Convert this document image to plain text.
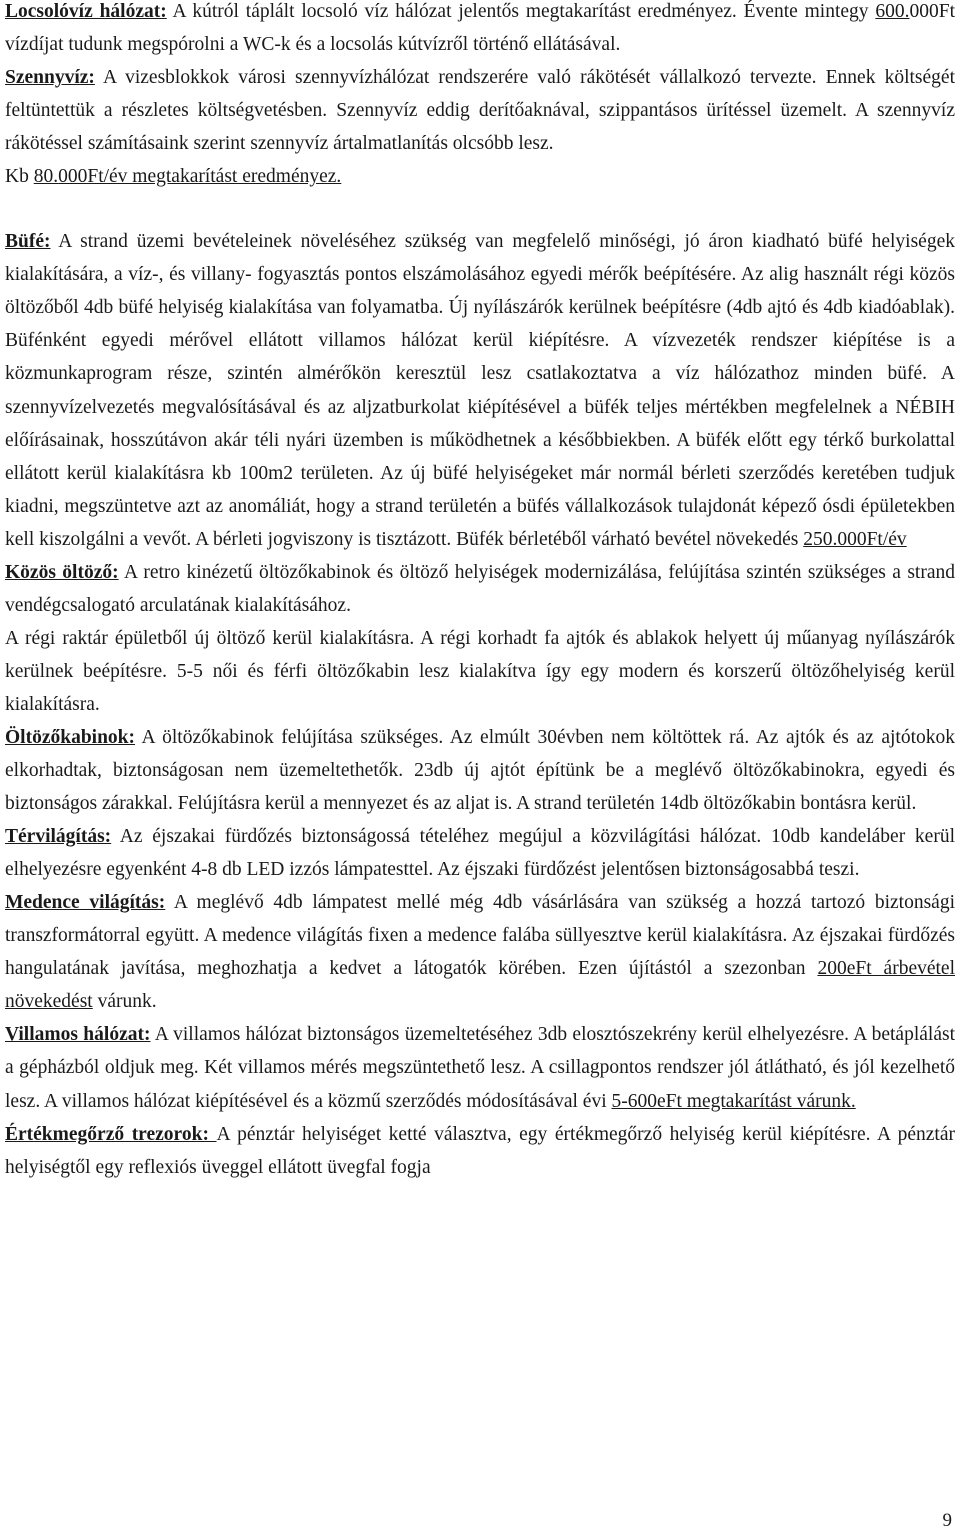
Locsolóvíz hálózat: A kútról táplált locsoló víz hálózat jelentős megtakarítást eredményez. Évente mintegy 600.000Ft vízdíjat tudunk megspórolni a WC-k és a locsolás kútvízről történő ellátásával.

Szennyvíz: A vizesblokkok városi szennyvízhálózat rendszerére való rákötését vállalkozó tervezte. Ennek költségét feltüntettük a részletes költségvetésben. Szennyvíz eddig derítőaknával, szippantásos ürítéssel üzemelt. A szennyvíz rákötéssel számításaink szerint szennyvíz ártalmatlanítás olcsóbb lesz.

Kb 80.000Ft/év megtakarítást eredményez.

Büfé: A strand üzemi bevételeinek növeléséhez szükség van megfelelő minőségi, jó áron kiadható büfé helyiségek kialakítására, a víz-, és villany- fogyasztás pontos elszámolásához egyedi mérők beépítésére. Az alig használt régi közös öltözőből 4db büfé helyiség kialakítása van folyamatba. Új nyílászárók kerülnek beépítésre (4db ajtó és 4db kiadóablak). Büfénként egyedi mérővel ellátott villamos hálózat kerül kiépítésre. A vízvezeték rendszer kiépítése is a közmunkaprogram része, szintén almérőkön keresztül lesz csatlakoztatva a víz hálózathoz minden büfé. A szennyvízelvezetés megvalósításával és az aljzatburkolat kiépítésével a büfék teljes mértékben megfelelnek a NÉBIH előírásainak, hosszútávon akár téli nyári üzemben is működhetnek a későbbiekben. A büfék előtt egy térkő burkolattal ellátott kerül kialakításra kb 100m2 területen. Az új büfé helyiségeket már normál bérleti szerződés keretében tudjuk kiadni, megszüntetve azt az anomáliát, hogy a strand területén a büfés vállalkozások tulajdonát képező ósdi épületekben kell kiszolgálni a vevőt. A bérleti jogviszony is tisztázott. Büfék bérletéből várható bevétel növekedés 250.000Ft/év

Közös öltöző: A retro kinézetű öltözőkabinok és öltöző helyiségek modernizálása, felújítása szintén szükséges a strand vendégcsalogató arculatának kialakításához.

A régi raktár épületből új öltöző kerül kialakításra. A régi korhadt fa ajtók és ablakok helyett új műanyag nyílászárók kerülnek beépítésre. 5-5 női és férfi öltözőkabin lesz kialakítva így egy modern és korszerű öltözőhelyiség kerül kialakításra.

Öltözőkabinok: A öltözőkabinok felújítása szükséges. Az elmúlt 30évben nem költöttek rá. Az ajtók és az ajtótokok elkorhadtak, biztonságosan nem üzemeltethetők. 23db új ajtót építünk be a meglévő öltözőkabinokra, egyedi és biztonságos zárakkal. Felújításra kerül a mennyezet és az aljat is. A strand területén 14db öltözőkabin bontásra kerül.

Térvilágítás: Az éjszakai fürdőzés biztonságossá tételéhez megújul a közvilágítási hálózat. 10db kandeláber kerül elhelyezésre egyenként 4-8 db LED izzós lámpatesttel. Az éjszaki fürdőzést jelentősen biztonságosabbá teszi.

Medence világítás: A meglévő 4db lámpatest mellé még 4db vásárlására van szükség a hozzá tartozó biztonsági transzformátorral együtt. A medence világítás fixen a medence falába süllyesztve kerül kialakításra. Az éjszakai fürdőzés hangulatának javítása, meghozhatja a kedvet a látogatók körében. Ezen újítástól a szezonban 200eFt árbevétel növekedést várunk.

Villamos hálózat: A villamos hálózat biztonságos üzemeltetéséhez 3db elosztószekrény kerül elhelyezésre. A betáplálást a gépházból oldjuk meg. Két villamos mérés megszüntethető lesz. A csillagpontos rendszer jól átlátható, és jól kezelhető lesz. A villamos hálózat kiépítésével és a közmű szerződés módosításával évi 5-600eFt megtakarítást várunk.

Értékmegőrző trezorok: A pénztár helyiséget ketté választva, egy értékmegőrző helyiség kerül kiépítésre. A pénztár helyiségtől egy reflexiós üveggel ellátott üvegfal fogja

9
